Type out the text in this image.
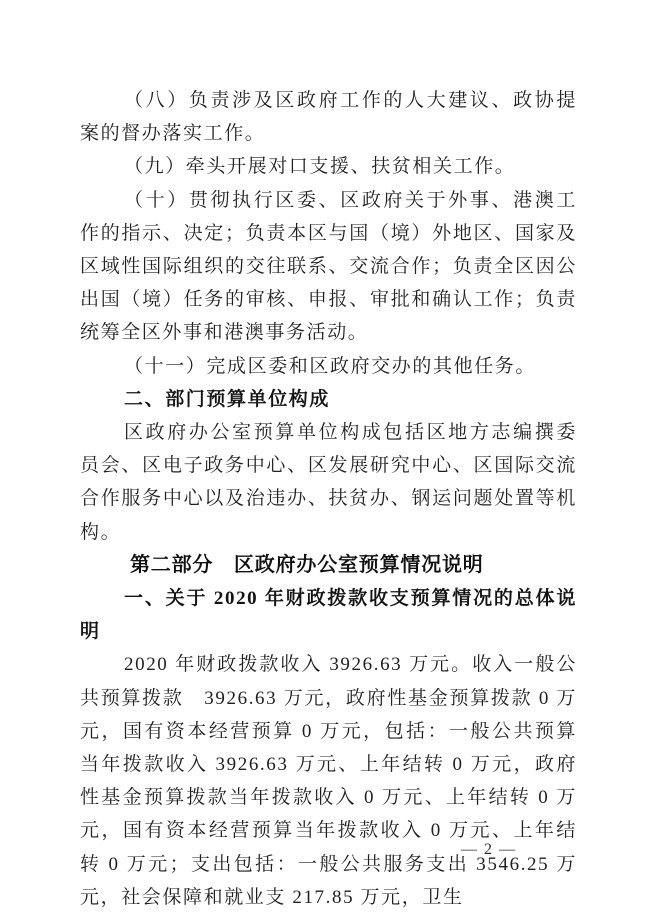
（八）负责涉及区政府工作的人大建议、政协提案的督办落实工作。

（九）牵头开展对口支援、扶贫相关工作。

（十）贯彻执行区委、区政府关于外事、港澳工作的指示、决定；负责本区与国（境）外地区、国家及区域性国际组织的交往联系、交流合作；负责全区因公出国（境）任务的审核、申报、审批和确认工作；负责统筹全区外事和港澳事务活动。

（十一）完成区委和区政府交办的其他任务。

二、部门预算单位构成

区政府办公室预算单位构成包括区地方志编撰委员会、区电子政务中心、区发展研究中心、区国际交流合作服务中心以及治违办、扶贫办、钢运问题处置等机构。

第二部分　区政府办公室预算情况说明

一、关于 2020 年财政拨款收支预算情况的总体说明

2020 年财政拨款收入 3926.63 万元。收入一般公共预算拨款　3926.63 万元，政府性基金预算拨款 0 万元，国有资本经营预算 0 万元，包括：一般公共预算当年拨款收入 3926.63 万元、上年结转 0 万元，政府性基金预算拨款当年拨款收入 0 万元、上年结转 0 万元，国有资本经营预算当年拨款收入 0 万元、上年结转 0 万元；支出包括：一般公共服务支出 3546.25 万元，社会保障和就业支 217.85 万元，卫生

— 2 —
